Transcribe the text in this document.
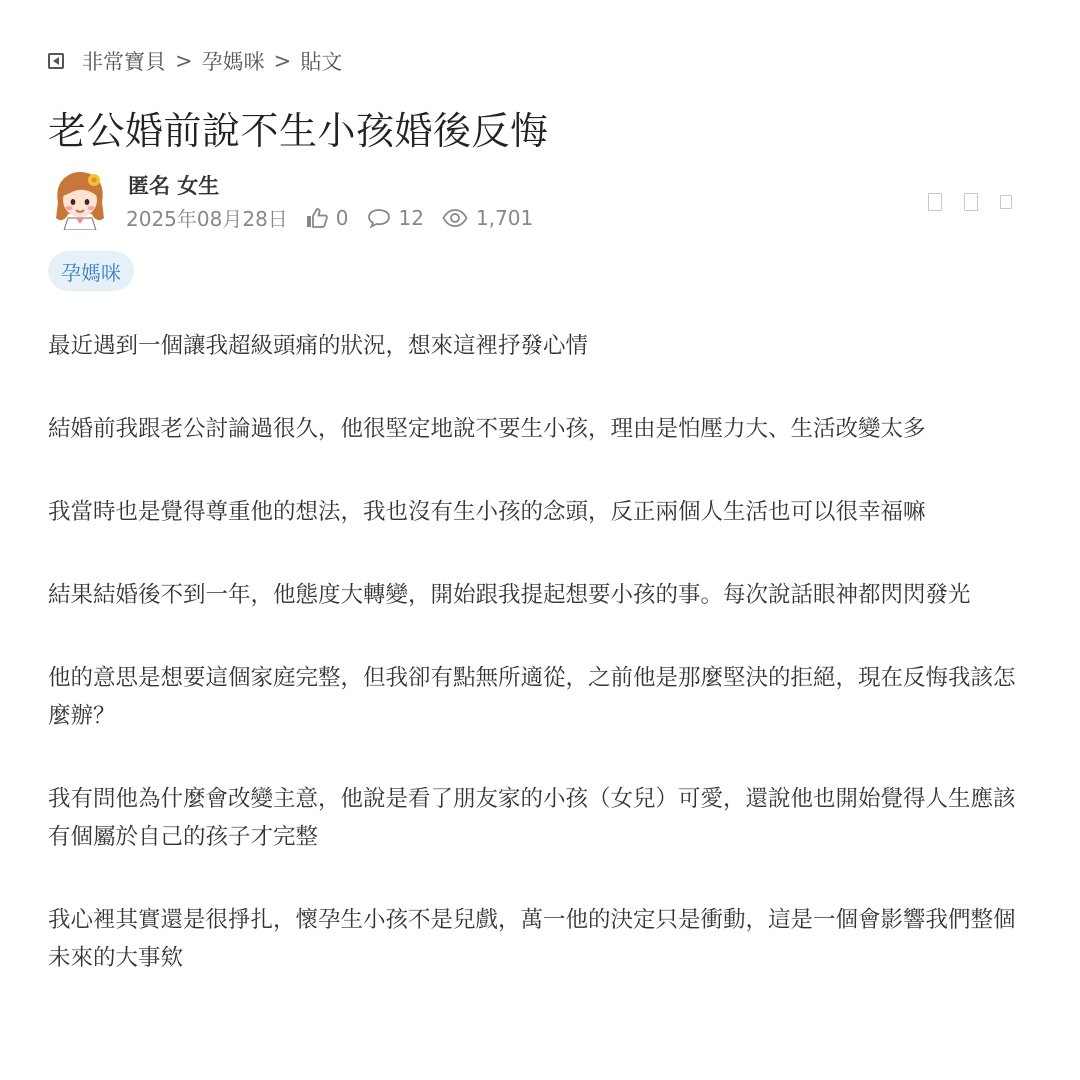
非常寶貝 > 孕媽咪 > 貼文
老公婚前說不生小孩婚後反悔
匿名 女生
2025年08月28日 0	12	1,701
孕媽咪

最近遇到一個讓我超級頭痛的狀況，想來這裡抒發心情

結婚前我跟老公討論過很久，他很堅定地說不要生小孩，理由是怕壓力大、生活改變太多

我當時也是覺得尊重他的想法，我也沒有生小孩的念頭，反正兩個人生活也可以很幸福嘛

結果結婚後不到一年，他態度大轉變，開始跟我提起想要小孩的事。每次說話眼神都閃閃發光

他的意思是想要這個家庭完整，但我卻有點無所適從，之前他是那麼堅決的拒絕，現在反悔我該怎麼辦？

我有問他為什麼會改變主意，他說是看了朋友家的小孩（女兒）可愛，還說他也開始覺得人生應該有個屬於自己的孩子才完整

我心裡其實還是很掙扎，懷孕生小孩不是兒戲，萬一他的決定只是衝動，這是一個會影響我們整個未來的大事欸
